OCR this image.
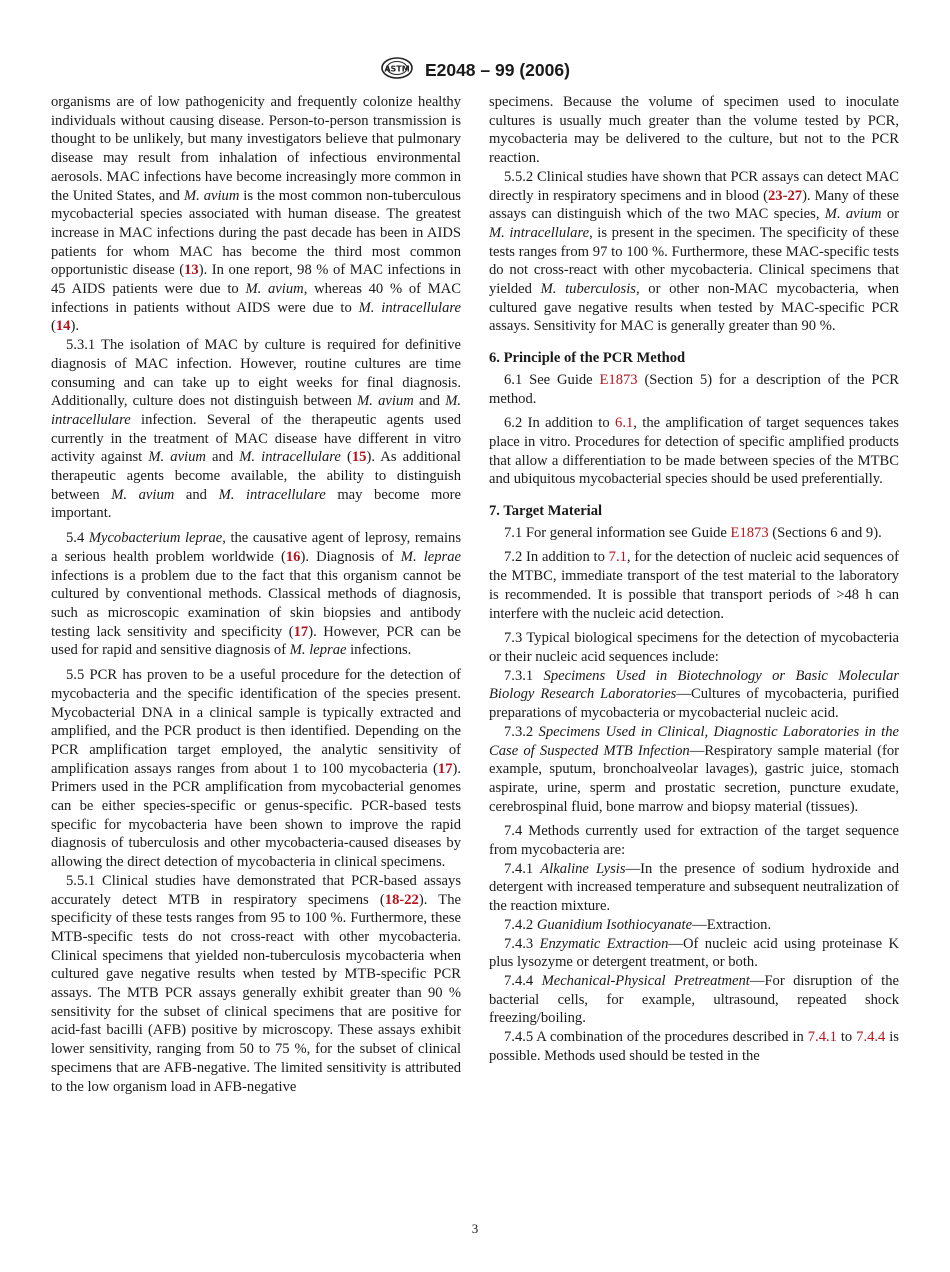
ASTM E2048 – 99 (2006)

organisms are of low pathogenicity and frequently colonize healthy individuals without causing disease. Person-to-person transmission is thought to be unlikely, but many investigators believe that pulmonary disease may result from inhalation of infectious environmental aerosols. MAC infections have become increasingly more common in the United States, and M. avium is the most common non-tuberculous mycobacterial species associated with human disease. The greatest increase in MAC infections during the past decade has been in AIDS patients for whom MAC has become the third most common opportunistic disease (13). In one report, 98 % of MAC infections in 45 AIDS patients were due to M. avium, whereas 40 % of MAC infections in patients without AIDS were due to M. intracellulare (14).

5.3.1 The isolation of MAC by culture is required for definitive diagnosis of MAC infection. However, routine cultures are time consuming and can take up to eight weeks for final diagnosis. Additionally, culture does not distinguish between M. avium and M. intracellulare infection. Several of the therapeutic agents used currently in the treatment of MAC disease have different in vitro activity against M. avium and M. intracellulare (15). As additional therapeutic agents become available, the ability to distinguish between M. avium and M. intracellulare may become more important.

5.4 Mycobacterium leprae, the causative agent of leprosy, remains a serious health problem worldwide (16). Diagnosis of M. leprae infections is a problem due to the fact that this organism cannot be cultured by conventional methods. Classical methods of diagnosis, such as microscopic examination of skin biopsies and antibody testing lack sensitivity and specificity (17). However, PCR can be used for rapid and sensitive diagnosis of M. leprae infections.

5.5 PCR has proven to be a useful procedure for the detection of mycobacteria and the specific identification of the species present. Mycobacterial DNA in a clinical sample is typically extracted and amplified, and the PCR product is then identified. Depending on the PCR amplification target employed, the analytic sensitivity of amplification assays ranges from about 1 to 100 mycobacteria (17). Primers used in the PCR amplification from mycobacterial genomes can be either species-specific or genus-specific. PCR-based tests specific for mycobacteria have been shown to improve the rapid diagnosis of tuberculosis and other mycobacteria-caused diseases by allowing the direct detection of mycobacteria in clinical specimens.

5.5.1 Clinical studies have demonstrated that PCR-based assays accurately detect MTB in respiratory specimens (18-22). The specificity of these tests ranges from 95 to 100 %. Furthermore, these MTB-specific tests do not cross-react with other mycobacteria. Clinical specimens that yielded non-tuberculosis mycobacteria when cultured gave negative results when tested by MTB-specific PCR assays. The MTB PCR assays generally exhibit greater than 90 % sensitivity for the subset of clinical specimens that are positive for acid-fast bacilli (AFB) positive by microscopy. These assays exhibit lower sensitivity, ranging from 50 to 75 %, for the subset of clinical specimens that are AFB-negative. The limited sensitivity is attributed to the low organism load in AFB-negative

specimens. Because the volume of specimen used to inoculate cultures is usually much greater than the volume tested by PCR, mycobacteria may be delivered to the culture, but not to the PCR reaction.

5.5.2 Clinical studies have shown that PCR assays can detect MAC directly in respiratory specimens and in blood (23-27). Many of these assays can distinguish which of the two MAC species, M. avium or M. intracellulare, is present in the specimen. The specificity of these tests ranges from 97 to 100 %. Furthermore, these MAC-specific tests do not cross-react with other mycobacteria. Clinical specimens that yielded M. tuberculosis, or other non-MAC mycobacteria, when cultured gave negative results when tested by MAC-specific PCR assays. Sensitivity for MAC is generally greater than 90 %.

6. Principle of the PCR Method

6.1 See Guide E1873 (Section 5) for a description of the PCR method.

6.2 In addition to 6.1, the amplification of target sequences takes place in vitro. Procedures for detection of specific amplified products that allow a differentiation to be made between species of the MTBC and ubiquitous mycobacterial species should be used preferentially.

7. Target Material

7.1 For general information see Guide E1873 (Sections 6 and 9).

7.2 In addition to 7.1, for the detection of nucleic acid sequences of the MTBC, immediate transport of the test material to the laboratory is recommended. It is possible that transport periods of >48 h can interfere with the nucleic acid detection.

7.3 Typical biological specimens for the detection of mycobacteria or their nucleic acid sequences include:

7.3.1 Specimens Used in Biotechnology or Basic Molecular Biology Research Laboratories—Cultures of mycobacteria, purified preparations of mycobacteria or mycobacterial nucleic acid.

7.3.2 Specimens Used in Clinical, Diagnostic Laboratories in the Case of Suspected MTB Infection—Respiratory sample material (for example, sputum, bronchoalveolar lavages), gastric juice, stomach aspirate, urine, sperm and prostatic secretion, puncture exudate, cerebrospinal fluid, bone marrow and biopsy material (tissues).

7.4 Methods currently used for extraction of the target sequence from mycobacteria are:

7.4.1 Alkaline Lysis—In the presence of sodium hydroxide and detergent with increased temperature and subsequent neutralization of the reaction mixture.

7.4.2 Guanidium Isothiocyanate—Extraction.

7.4.3 Enzymatic Extraction—Of nucleic acid using proteinase K plus lysozyme or detergent treatment, or both.

7.4.4 Mechanical-Physical Pretreatment—For disruption of the bacterial cells, for example, ultrasound, repeated shock freezing/boiling.

7.4.5 A combination of the procedures described in 7.4.1 to 7.4.4 is possible. Methods used should be tested in the

3
